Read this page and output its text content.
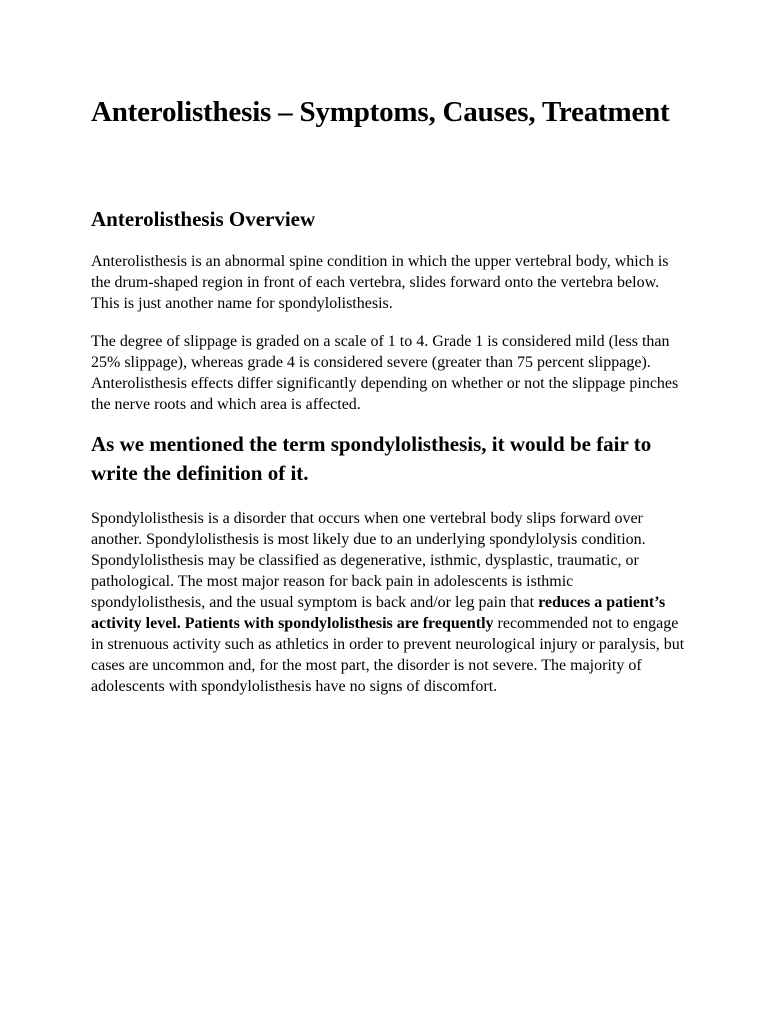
Anterolisthesis – Symptoms, Causes, Treatment
Anterolisthesis Overview

Anterolisthesis is an abnormal spine condition in which the upper vertebral body, which is the drum-shaped region in front of each vertebra, slides forward onto the vertebra below. This is just another name for spondylolisthesis.

The degree of slippage is graded on a scale of 1 to 4. Grade 1 is considered mild (less than 25% slippage), whereas grade 4 is considered severe (greater than 75 percent slippage). Anterolisthesis effects differ significantly depending on whether or not the slippage pinches the nerve roots and which area is affected.

As we mentioned the term spondylolisthesis, it would be fair to write the definition of it.

Spondylolisthesis is a disorder that occurs when one vertebral body slips forward over another. Spondylolisthesis is most likely due to an underlying spondylolysis condition. Spondylolisthesis may be classified as degenerative, isthmic, dysplastic, traumatic, or pathological. The most major reason for back pain in adolescents is isthmic spondylolisthesis, and the usual symptom is back and/or leg pain that reduces a patient’s activity level. Patients with spondylolisthesis are frequently recommended not to engage in strenuous activity such as athletics in order to prevent neurological injury or paralysis, but cases are uncommon and, for the most part, the disorder is not severe. The majority of adolescents with spondylolisthesis have no signs of discomfort.
